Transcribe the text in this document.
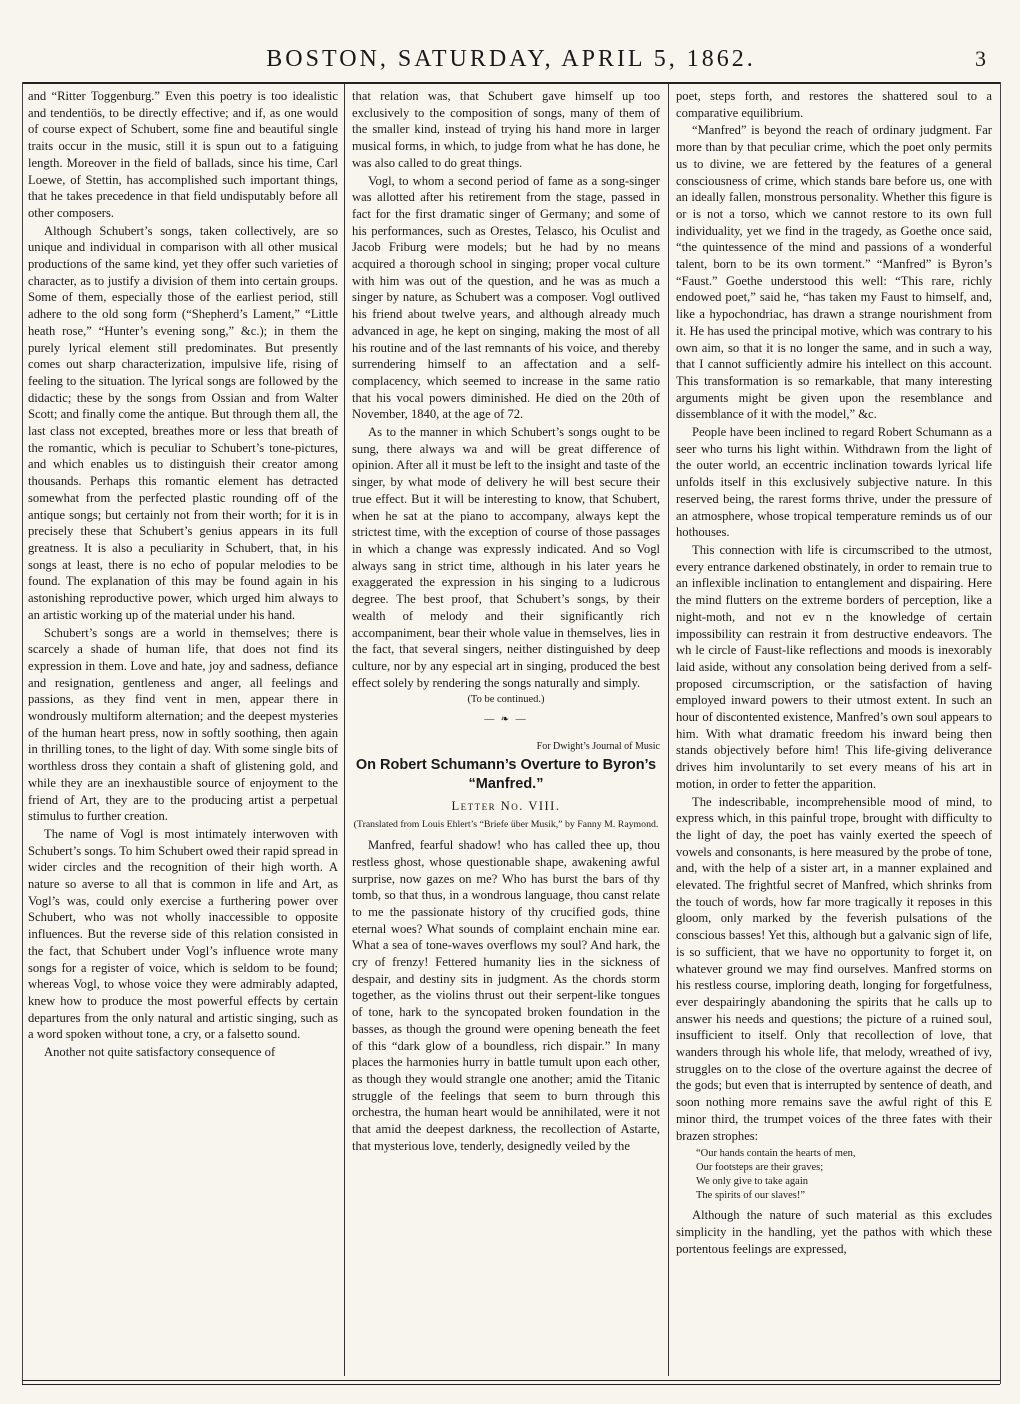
BOSTON, SATURDAY, APRIL 5, 1862.	3

and “Ritter Toggenburg.” Even this poetry is too idealistic and tendentiös, to be directly effective; and if, as one would of course expect of Schubert, some fine and beautiful single traits occur in the music, still it is spun out to a fatiguing length. Moreover in the field of ballads, since his time, Carl Loewe, of Stettin, has accomplished such important things, that he takes precedence in that field undisputably before all other composers.

Although Schubert’s songs, taken collectively, are so unique and individual in comparison with all other musical productions of the same kind, yet they offer such varieties of character, as to justify a division of them into certain groups. Some of them, especially those of the earliest period, still adhere to the old song form (“Shepherd’s Lament,” “Little heath rose,” “Hunter’s evening song,” &c.); in them the purely lyrical element still predominates. But presently comes out sharp characterization, impulsive life, rising of feeling to the situation. The lyrical songs are followed by the didactic; these by the songs from Ossian and from Walter Scott; and finally come the antique. But through them all, the last class not excepted, breathes more or less that breath of the romantic, which is peculiar to Schubert’s tone-pictures, and which enables us to distinguish their creator among thousands. Perhaps this romantic element has detracted somewhat from the perfected plastic rounding off of the antique songs; but certainly not from their worth; for it is in precisely these that Schubert’s genius appears in its full greatness. It is also a peculiarity in Schubert, that, in his songs at least, there is no echo of popular melodies to be found. The explanation of this may be found again in his astonishing reproductive power, which urged him always to an artistic working up of the material under his hand.

Schubert’s songs are a world in themselves; there is scarcely a shade of human life, that does not find its expression in them. Love and hate, joy and sadness, defiance and resignation, gentleness and anger, all feelings and passions, as they find vent in men, appear there in wondrously multiform alternation; and the deepest mysteries of the human heart press, now in softly soothing, then again in thrilling tones, to the light of day. With some single bits of worthless dross they contain a shaft of glistening gold, and while they are an inexhaustible source of enjoyment to the friend of Art, they are to the producing artist a perpetual stimulus to further creation.

The name of Vogl is most intimately interwoven with Schubert’s songs. To him Schubert owed their rapid spread in wider circles and the recognition of their high worth. A nature so averse to all that is common in life and Art, as Vogl’s was, could only exercise a furthering power over Schubert, who was not wholly inaccessible to opposite influences. But the reverse side of this relation consisted in the fact, that Schubert under Vogl’s influence wrote many songs for a register of voice, which is seldom to be found; whereas Vogl, to whose voice they were admirably adapted, knew how to produce the most powerful effects by certain departures from the only natural and artistic singing, such as a word spoken without tone, a cry, or a falsetto sound.

Another not quite satisfactory consequence of

that relation was, that Schubert gave himself up too exclusively to the composition of songs, many of them of the smaller kind, instead of trying his hand more in larger musical forms, in which, to judge from what he has done, he was also called to do great things.

Vogl, to whom a second period of fame as a song-singer was allotted after his retirement from the stage, passed in fact for the first dramatic singer of Germany; and some of his performances, such as Orestes, Telasco, his Oculist and Jacob Friburg were models; but he had by no means acquired a thorough school in singing; proper vocal culture with him was out of the question, and he was as much a singer by nature, as Schubert was a composer. Vogl outlived his friend about twelve years, and although already much advanced in age, he kept on singing, making the most of all his routine and of the last remnants of his voice, and thereby surrendering himself to an affectation and a self-complacency, which seemed to increase in the same ratio that his vocal powers diminished. He died on the 20th of November, 1840, at the age of 72.

As to the manner in which Schubert’s songs ought to be sung, there always wa and will be great difference of opinion. After all it must be left to the insight and taste of the singer, by what mode of delivery he will best secure their true effect. But it will be interesting to know, that Schubert, when he sat at the piano to accompany, always kept the strictest time, with the exception of course of those passages in which a change was expressly indicated. And so Vogl always sang in strict time, although in his later years he exaggerated the expression in his singing to a ludicrous degree. The best proof, that Schubert’s songs, by their wealth of melody and their significantly rich accompaniment, bear their whole value in themselves, lies in the fact, that several singers, neither distinguished by deep culture, nor by any especial art in singing, produced the best effect solely by rendering the songs naturally and simply.

(To be continued.)

— ❧ —

For Dwight’s Journal of Music

On Robert Schumann’s Overture to Byron’s “Manfred.”
Letter No. VIII.
(Translated from Louis Ehlert’s “Briefe über Musik,” by Fanny M. Raymond.

Manfred, fearful shadow! who has called thee up, thou restless ghost, whose questionable shape, awakening awful surprise, now gazes on me? Who has burst the bars of thy tomb, so that thus, in a wondrous language, thou canst relate to me the passionate history of thy crucified gods, thine eternal woes? What sounds of complaint enchain mine ear. What a sea of tone-waves overflows my soul? And hark, the cry of frenzy! Fettered humanity lies in the sickness of despair, and destiny sits in judgment. As the chords storm together, as the violins thrust out their serpent-like tongues of tone, hark to the syncopated broken foundation in the basses, as though the ground were opening beneath the feet of this “dark glow of a boundless, rich dispair.” In many places the harmonies hurry in battle tumult upon each other, as though they would strangle one another; amid the Titanic struggle of the feelings that seem to burn through this orchestra, the human heart would be annihilated, were it not that amid the deepest darkness, the recollection of Astarte, that mysterious love, tenderly, designedly veiled by the

poet, steps forth, and restores the shattered soul to a comparative equilibrium.

“Manfred” is beyond the reach of ordinary judgment. Far more than by that peculiar crime, which the poet only permits us to divine, we are fettered by the features of a general consciousness of crime, which stands bare before us, one with an ideally fallen, monstrous personality. Whether this figure is or is not a torso, which we cannot restore to its own full individuality, yet we find in the tragedy, as Goethe once said, “the quintessence of the mind and passions of a wonderful talent, born to be its own torment.” “Manfred” is Byron’s “Faust.” Goethe understood this well: “This rare, richly endowed poet,” said he, “has taken my Faust to himself, and, like a hypochondriac, has drawn a strange nourishment from it. He has used the principal motive, which was contrary to his own aim, so that it is no longer the same, and in such a way, that I cannot sufficiently admire his intellect on this account. This transformation is so remarkable, that many interesting arguments might be given upon the resemblance and dissemblance of it with the model,” &c.

People have been inclined to regard Robert Schumann as a seer who turns his light within. Withdrawn from the light of the outer world, an eccentric inclination towards lyrical life unfolds itself in this exclusively subjective nature. In this reserved being, the rarest forms thrive, under the pressure of an atmosphere, whose tropical temperature reminds us of our hothouses.

This connection with life is circumscribed to the utmost, every entrance darkened obstinately, in order to remain true to an inflexible inclination to entanglement and dispairing. Here the mind flutters on the extreme borders of perception, like a night-moth, and not ev n the knowledge of certain impossibility can restrain it from destructive endeavors. The wh le circle of Faust-like reflections and moods is inexorably laid aside, without any consolation being derived from a self-proposed circumscription, or the satisfaction of having employed inward powers to their utmost extent. In such an hour of discontented existence, Manfred’s own soul appears to him. With what dramatic freedom his inward being then stands objectively before him! This life-giving deliverance drives him involuntarily to set every means of his art in motion, in order to fetter the apparition.

The indescribable, incomprehensible mood of mind, to express which, in this painful trope, brought with difficulty to the light of day, the poet has vainly exerted the speech of vowels and consonants, is here measured by the probe of tone, and, with the help of a sister art, in a manner explained and elevated. The frightful secret of Manfred, which shrinks from the touch of words, how far more tragically it reposes in this gloom, only marked by the feverish pulsations of the conscious basses! Yet this, although but a galvanic sign of life, is so sufficient, that we have no opportunity to forget it, on whatever ground we may find ourselves. Manfred storms on his restless course, imploring death, longing for forgetfulness, ever despairingly abandoning the spirits that he calls up to answer his needs and questions; the picture of a ruined soul, insufficient to itself. Only that recollection of love, that wanders through his whole life, that melody, wreathed of ivy, struggles on to the close of the overture against the decree of the gods; but even that is interrupted by sentence of death, and soon nothing more remains save the awful right of this E minor third, the trumpet voices of the three fates with their brazen strophes:

“Our hands contain the hearts of men,
Our footsteps are their graves;
We only give to take again
The spirits of our slaves!”

Although the nature of such material as this excludes simplicity in the handling, yet the pathos with which these portentous feelings are expressed,
